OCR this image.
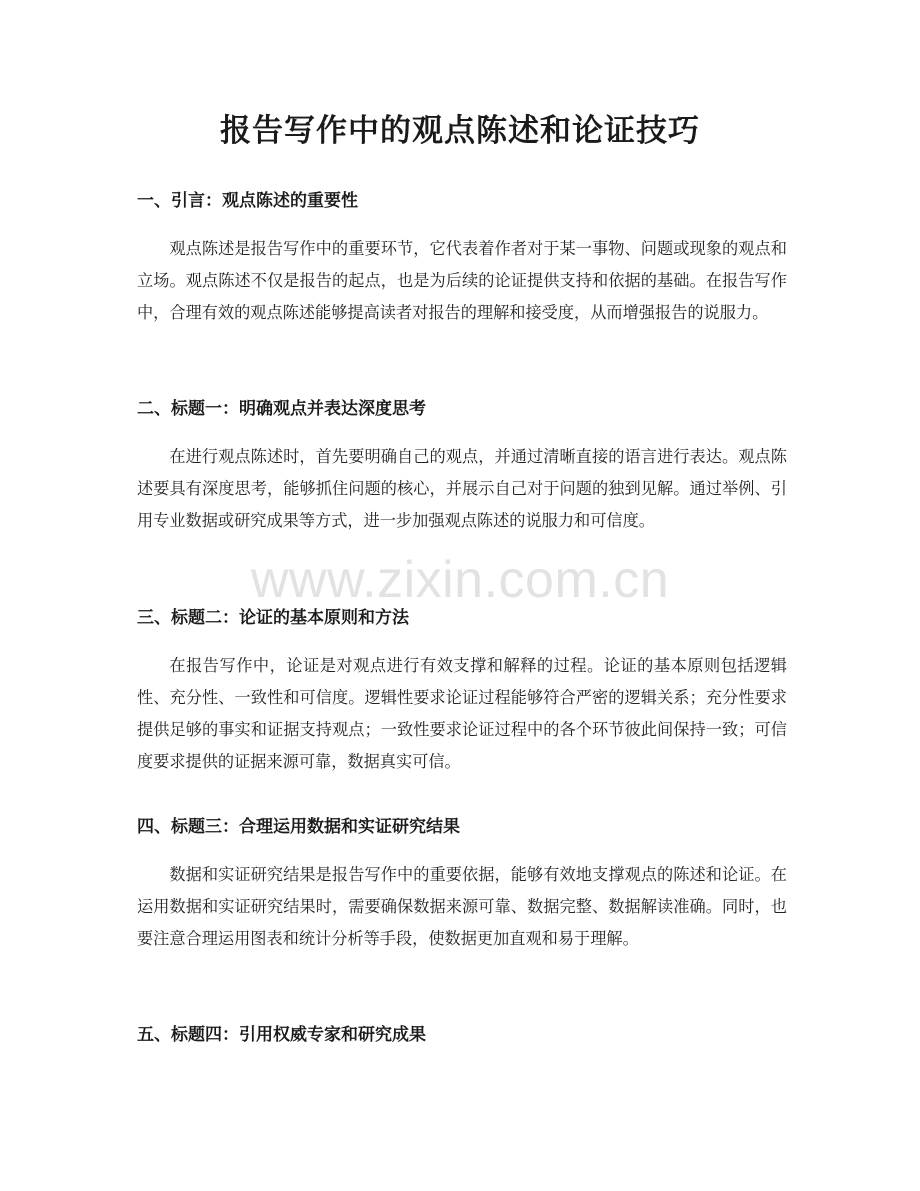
报告写作中的观点陈述和论证技巧
一、引言：观点陈述的重要性

观点陈述是报告写作中的重要环节，它代表着作者对于某一事物、问题或现象的观点和立场。观点陈述不仅是报告的起点，也是为后续的论证提供支持和依据的基础。在报告写作中，合理有效的观点陈述能够提高读者对报告的理解和接受度，从而增强报告的说服力。

二、标题一：明确观点并表达深度思考

在进行观点陈述时，首先要明确自己的观点，并通过清晰直接的语言进行表达。观点陈述要具有深度思考，能够抓住问题的核心，并展示自己对于问题的独到见解。通过举例、引用专业数据或研究成果等方式，进一步加强观点陈述的说服力和可信度。

三、标题二：论证的基本原则和方法

在报告写作中，论证是对观点进行有效支撑和解释的过程。论证的基本原则包括逻辑性、充分性、一致性和可信度。逻辑性要求论证过程能够符合严密的逻辑关系；充分性要求提供足够的事实和证据支持观点；一致性要求论证过程中的各个环节彼此间保持一致；可信度要求提供的证据来源可靠，数据真实可信。

四、标题三：合理运用数据和实证研究结果

数据和实证研究结果是报告写作中的重要依据，能够有效地支撑观点的陈述和论证。在运用数据和实证研究结果时，需要确保数据来源可靠、数据完整、数据解读准确。同时，也要注意合理运用图表和统计分析等手段，使数据更加直观和易于理解。

五、标题四：引用权威专家和研究成果
www.zixin.com.cn
